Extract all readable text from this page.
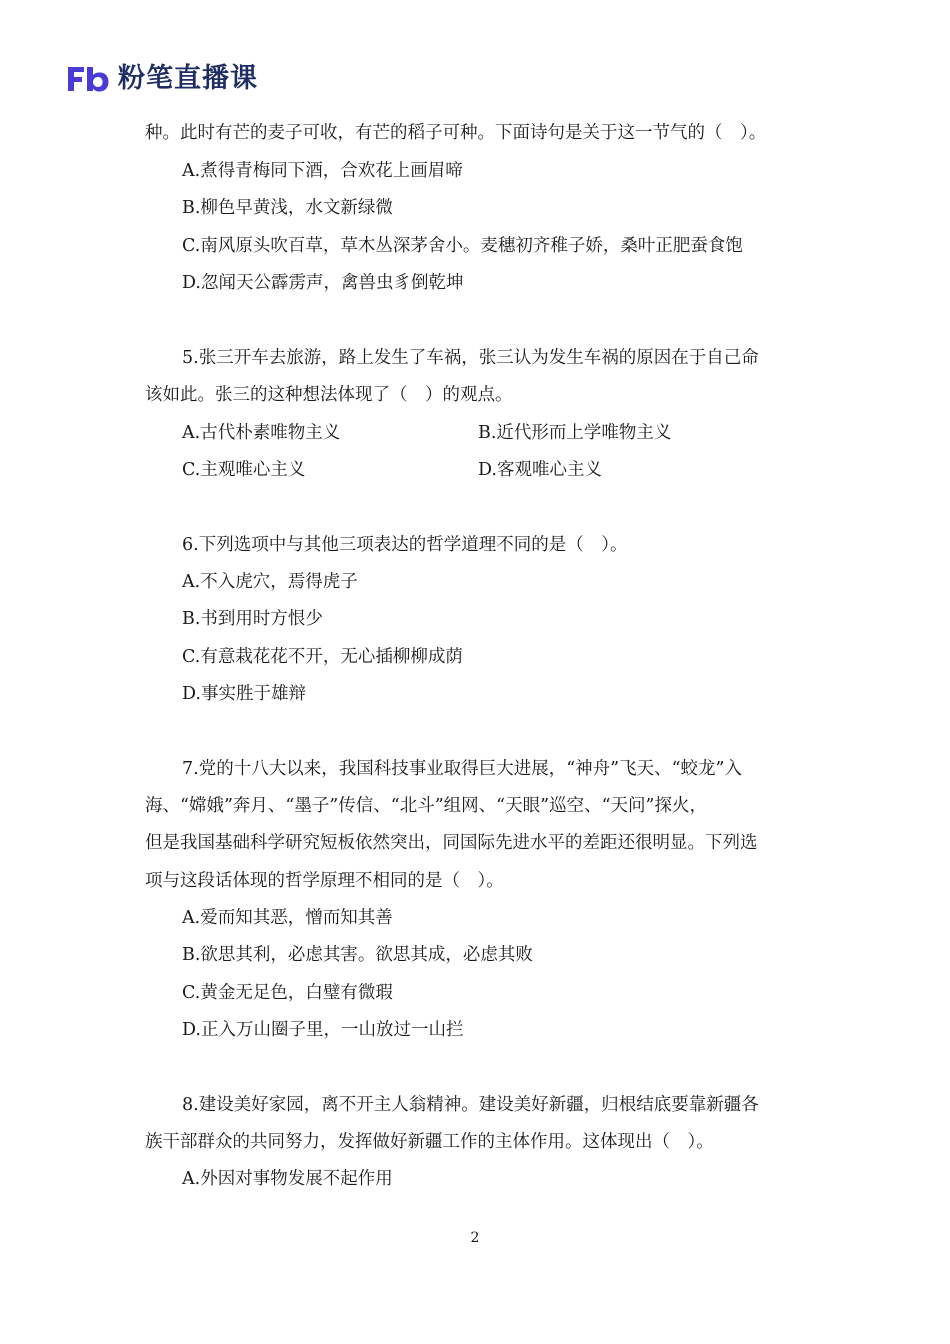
粉笔直播课
种。此时有芒的麦子可收，有芒的稻子可种。下面诗句是关于这一节气的（　）。
A.煮得青梅同下酒，合欢花上画眉啼
B.柳色早黄浅，水文新绿微
C.南风原头吹百草，草木丛深茅舍小。麦穗初齐稚子娇，桑叶正肥蚕食饱
D.忽闻天公霹雳声，禽兽虫豸倒乾坤
5.张三开车去旅游，路上发生了车祸，张三认为发生车祸的原因在于自己命
该如此。张三的这种想法体现了（　）的观点。
A.古代朴素唯物主义	B.近代形而上学唯物主义
C.主观唯心主义	D.客观唯心主义
6.下列选项中与其他三项表达的哲学道理不同的是（　）。
A.不入虎穴，焉得虎子
B.书到用时方恨少
C.有意栽花花不开，无心插柳柳成荫
D.事实胜于雄辩
7.党的十八大以来，我国科技事业取得巨大进展，“神舟”飞天、“蛟龙”入
海、“嫦娥”奔月、“墨子”传信、“北斗”组网、“天眼”巡空、“天问”探火，
但是我国基础科学研究短板依然突出，同国际先进水平的差距还很明显。下列选
项与这段话体现的哲学原理不相同的是（　）。
A.爱而知其恶，憎而知其善
B.欲思其利，必虑其害。欲思其成，必虑其败
C.黄金无足色，白璧有微瑕
D.正入万山圈子里，一山放过一山拦
8.建设美好家园，离不开主人翁精神。建设美好新疆，归根结底要靠新疆各
族干部群众的共同努力，发挥做好新疆工作的主体作用。这体现出（　）。
A.外因对事物发展不起作用
2
